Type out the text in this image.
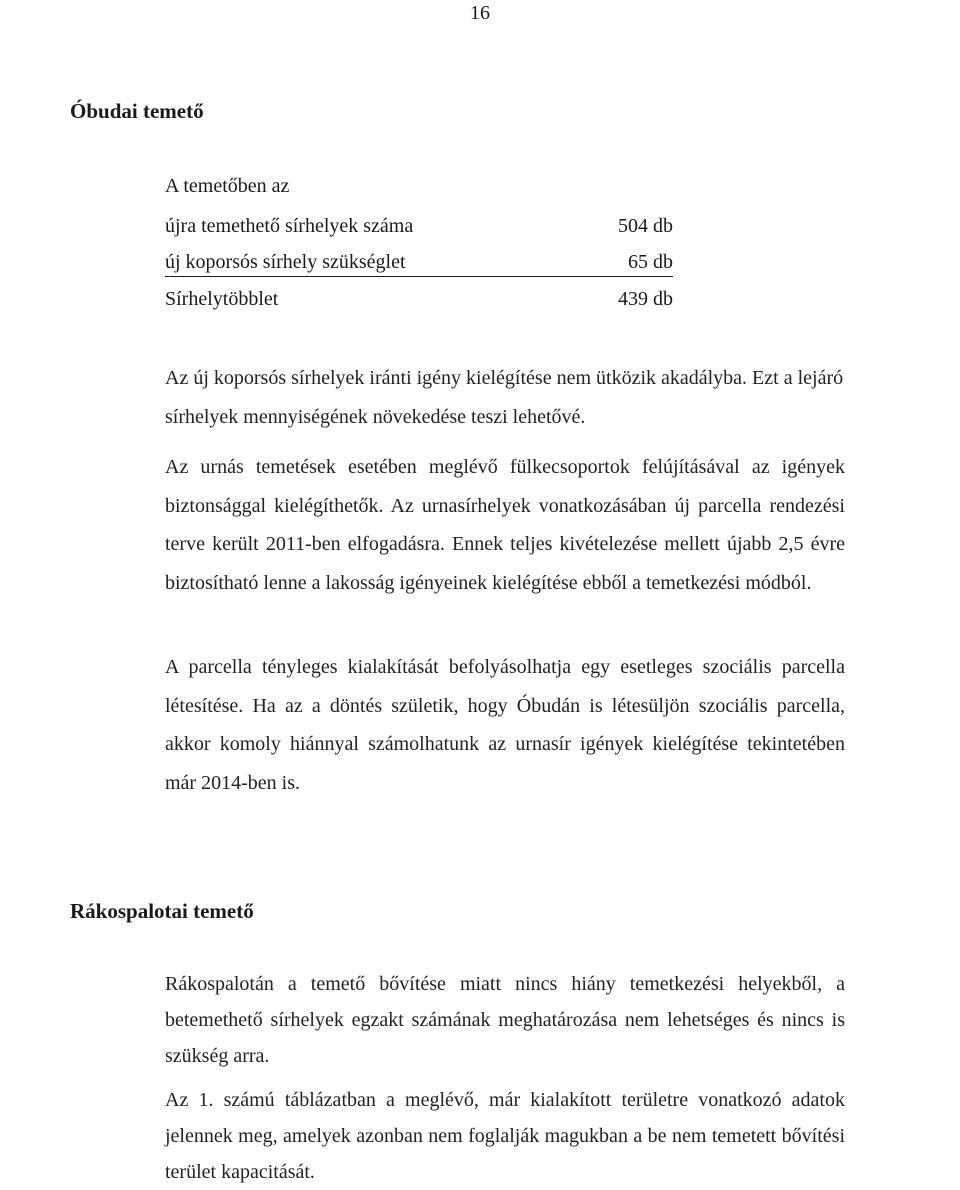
16
Óbudai temető
A temetőben az
újra temethető sírhelyek száma	504 db
új koporsós sírhely szükséglet	65 db
Sírhelytöbblet	439 db

Az új koporsós sírhelyek iránti igény kielégítése nem ütközik akadályba. Ezt a lejáró sírhelyek mennyiségének növekedése teszi lehetővé.

Az urnás temetések esetében meglévő fülkecsoportok felújításával az igények biztonsággal kielégíthetők. Az urnasírhelyek vonatkozásában új parcella rendezési terve került 2011-ben elfogadásra. Ennek teljes kivételezése mellett újabb 2,5 évre biztosítható lenne a lakosság igényeinek kielégítése ebből a temetkezési módból.

A parcella tényleges kialakítását befolyásolhatja egy esetleges szociális parcella létesítése. Ha az a döntés születik, hogy Óbudán is létesüljön szociális parcella, akkor komoly hiánnyal számolhatunk az urnasír igények kielégítése tekintetében már 2014-ben is.

Rákospalotai temető

Rákospalotán a temető bővítése miatt nincs hiány temetkezési helyekből, a betemethető sírhelyek egzakt számának meghatározása nem lehetséges és nincs is szükség arra.

Az 1. számú táblázatban a meglévő, már kialakított területre vonatkozó adatok jelennek meg, amelyek azonban nem foglalják magukban a be nem temetett bővítési terület kapacitását.
